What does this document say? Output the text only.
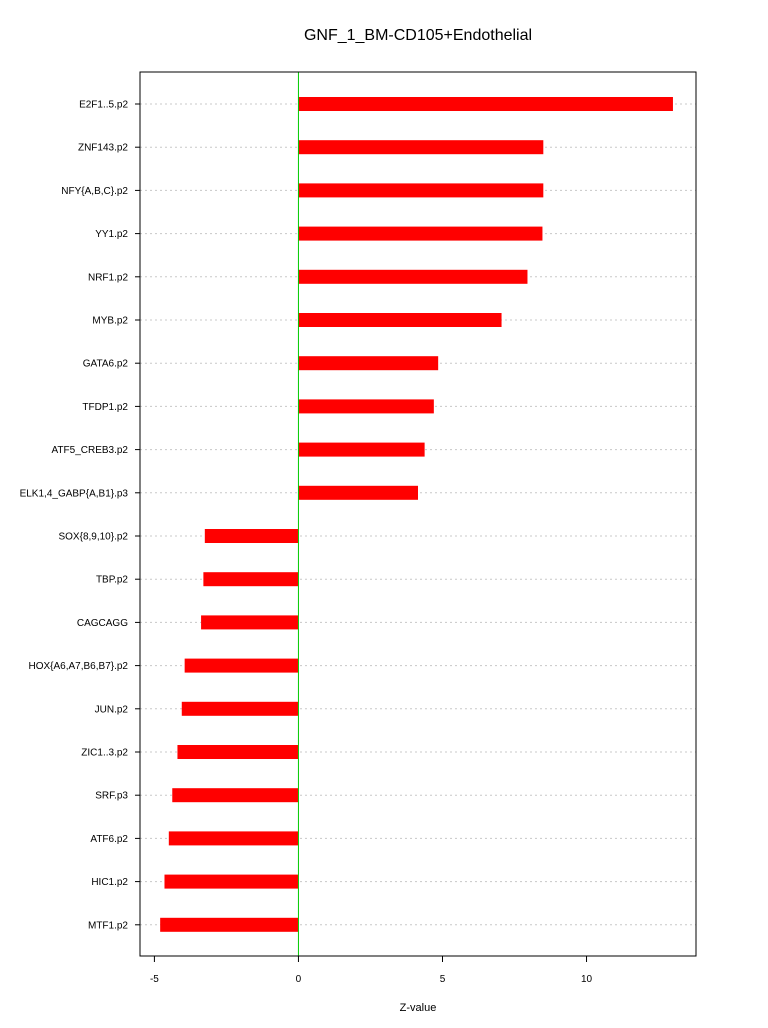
GNF_1_BM-CD105+Endothelial
E2F1..5.p2
ZNF143.p2
NFY{A,B,C}.p2
YY1.p2
NRF1.p2
MYB.p2
GATA6.p2
TFDP1.p2
ATF5_CREB3.p2
ELK1,4_GABP{A,B1}.p3
SOX{8,9,10}.p2
TBP.p2
CAGCAGG
HOX{A6,A7,B6,B7}.p2
JUN.p2
ZIC1..3.p2
SRF.p3
ATF6.p2
HIC1.p2
MTF1.p2
-5	0	5	10
Z-value
